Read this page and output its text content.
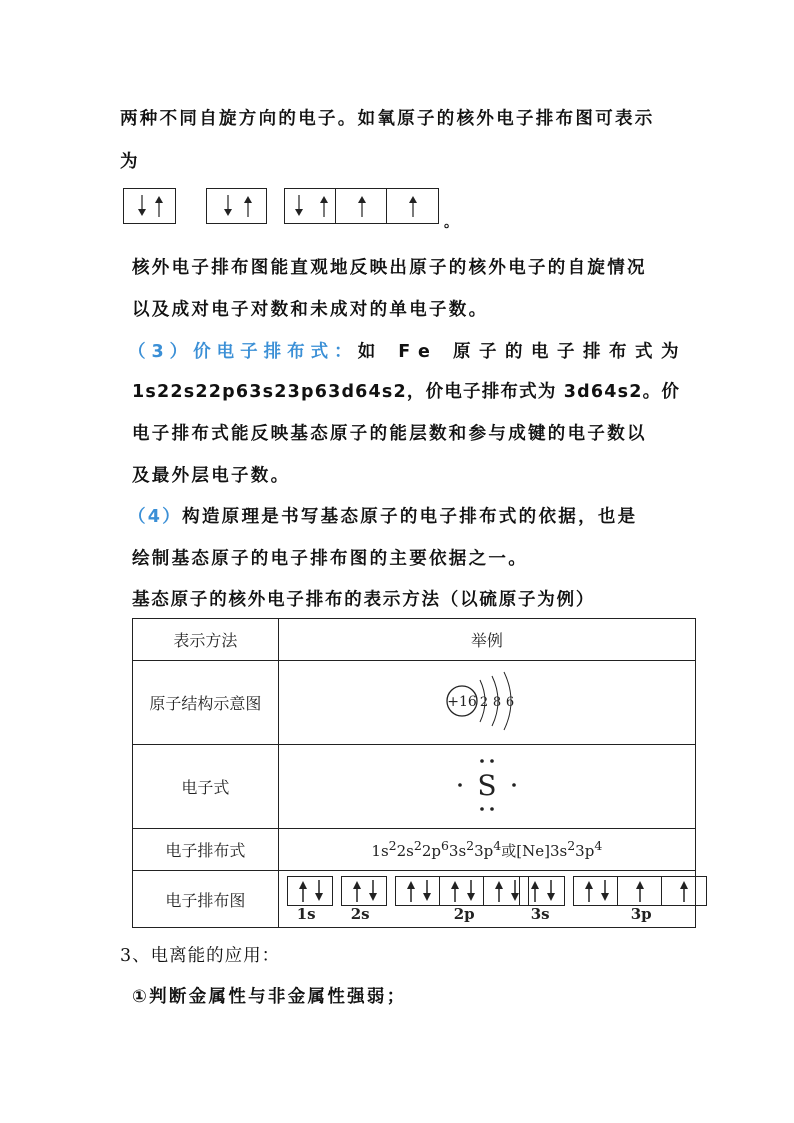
两种不同自旋方向的电子。如氧原子的核外电子排布图可表示
为
。
核外电子排布图能直观地反映出原子的核外电子的自旋情况
以及成对电子对数和未成对的单电子数。
（3）价电子排布式：如 Fe 原子的电子排布式为
1s22s22p63s23p63d64s2，价电子排布式为 3d64s2。价
电子排布式能反映基态原子的能层数和参与成键的电子数以
及最外层电子数。
（4）构造原理是书写基态原子的电子排布式的依据，也是
绘制基态原子的电子排布图的主要依据之一。
基态原子的核外电子排布的表示方法（以硫原子为例）
表示方法	举例
原子结构示意图	+16 2 8 6

电子式	S

电子排布式	$1s^22s^22p^63s^23p^4$或$[Ne]3s^23p^4$
电子排布图	1s 2s 2p 3s 3p
3、电离能的应用：
①判断金属性与非金属性强弱；
